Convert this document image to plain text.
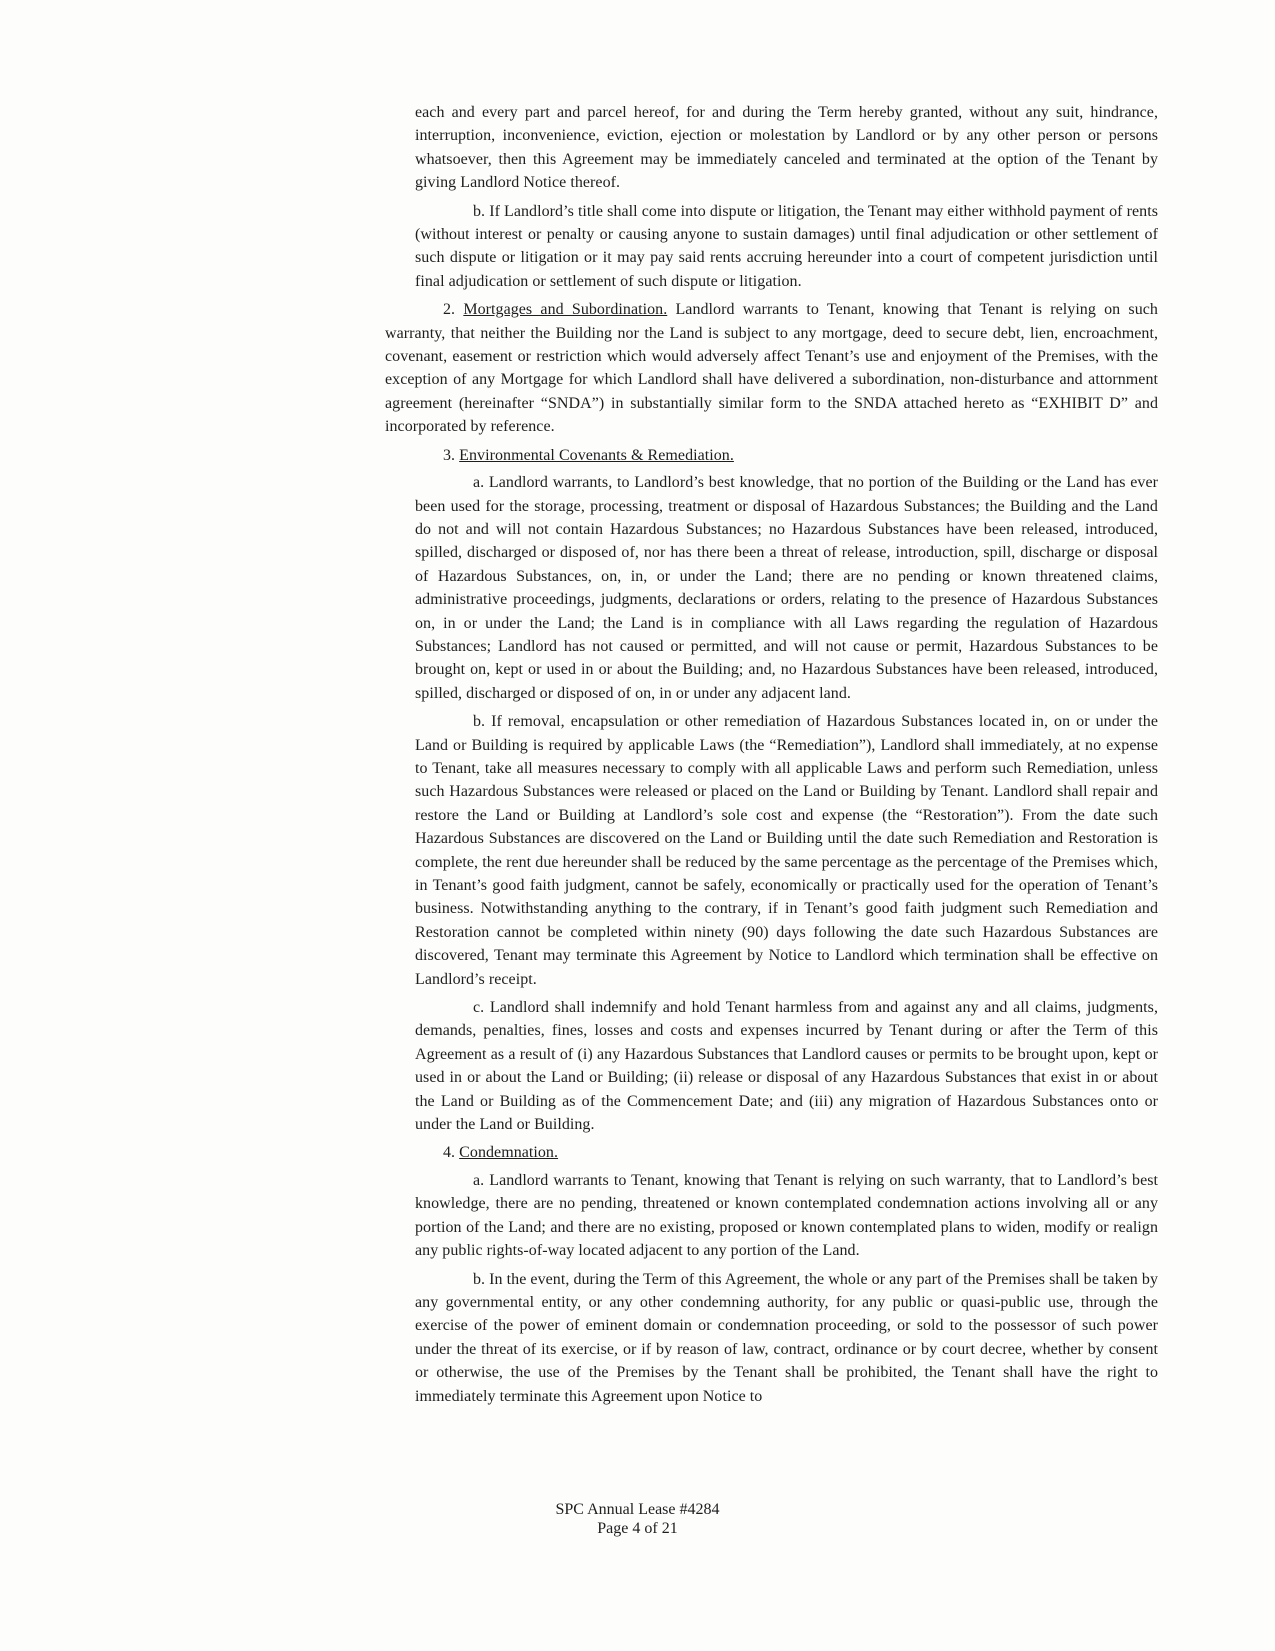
each and every part and parcel hereof, for and during the Term hereby granted, without any suit, hindrance, interruption, inconvenience, eviction, ejection or molestation by Landlord or by any other person or persons whatsoever, then this Agreement may be immediately canceled and terminated at the option of the Tenant by giving Landlord Notice thereof.

b. If Landlord’s title shall come into dispute or litigation, the Tenant may either withhold payment of rents (without interest or penalty or causing anyone to sustain damages) until final adjudication or other settlement of such dispute or litigation or it may pay said rents accruing hereunder into a court of competent jurisdiction until final adjudication or settlement of such dispute or litigation.

2. Mortgages and Subordination. Landlord warrants to Tenant, knowing that Tenant is relying on such warranty, that neither the Building nor the Land is subject to any mortgage, deed to secure debt, lien, encroachment, covenant, easement or restriction which would adversely affect Tenant’s use and enjoyment of the Premises, with the exception of any Mortgage for which Landlord shall have delivered a subordination, non-disturbance and attornment agreement (hereinafter “SNDA”) in substantially similar form to the SNDA attached hereto as “EXHIBIT D” and incorporated by reference.

3. Environmental Covenants & Remediation.

a. Landlord warrants, to Landlord’s best knowledge, that no portion of the Building or the Land has ever been used for the storage, processing, treatment or disposal of Hazardous Substances; the Building and the Land do not and will not contain Hazardous Substances; no Hazardous Substances have been released, introduced, spilled, discharged or disposed of, nor has there been a threat of release, introduction, spill, discharge or disposal of Hazardous Substances, on, in, or under the Land; there are no pending or known threatened claims, administrative proceedings, judgments, declarations or orders, relating to the presence of Hazardous Substances on, in or under the Land; the Land is in compliance with all Laws regarding the regulation of Hazardous Substances; Landlord has not caused or permitted, and will not cause or permit, Hazardous Substances to be brought on, kept or used in or about the Building; and, no Hazardous Substances have been released, introduced, spilled, discharged or disposed of on, in or under any adjacent land.

b. If removal, encapsulation or other remediation of Hazardous Substances located in, on or under the Land or Building is required by applicable Laws (the “Remediation”), Landlord shall immediately, at no expense to Tenant, take all measures necessary to comply with all applicable Laws and perform such Remediation, unless such Hazardous Substances were released or placed on the Land or Building by Tenant. Landlord shall repair and restore the Land or Building at Landlord’s sole cost and expense (the “Restoration”). From the date such Hazardous Substances are discovered on the Land or Building until the date such Remediation and Restoration is complete, the rent due hereunder shall be reduced by the same percentage as the percentage of the Premises which, in Tenant’s good faith judgment, cannot be safely, economically or practically used for the operation of Tenant’s business. Notwithstanding anything to the contrary, if in Tenant’s good faith judgment such Remediation and Restoration cannot be completed within ninety (90) days following the date such Hazardous Substances are discovered, Tenant may terminate this Agreement by Notice to Landlord which termination shall be effective on Landlord’s receipt.

c. Landlord shall indemnify and hold Tenant harmless from and against any and all claims, judgments, demands, penalties, fines, losses and costs and expenses incurred by Tenant during or after the Term of this Agreement as a result of (i) any Hazardous Substances that Landlord causes or permits to be brought upon, kept or used in or about the Land or Building; (ii) release or disposal of any Hazardous Substances that exist in or about the Land or Building as of the Commencement Date; and (iii) any migration of Hazardous Substances onto or under the Land or Building.

4. Condemnation.

a. Landlord warrants to Tenant, knowing that Tenant is relying on such warranty, that to Landlord’s best knowledge, there are no pending, threatened or known contemplated condemnation actions involving all or any portion of the Land; and there are no existing, proposed or known contemplated plans to widen, modify or realign any public rights-of-way located adjacent to any portion of the Land.

b. In the event, during the Term of this Agreement, the whole or any part of the Premises shall be taken by any governmental entity, or any other condemning authority, for any public or quasi-public use, through the exercise of the power of eminent domain or condemnation proceeding, or sold to the possessor of such power under the threat of its exercise, or if by reason of law, contract, ordinance or by court decree, whether by consent or otherwise, the use of the Premises by the Tenant shall be prohibited, the Tenant shall have the right to immediately terminate this Agreement upon Notice to

SPC Annual Lease #4284
Page 4 of 21
